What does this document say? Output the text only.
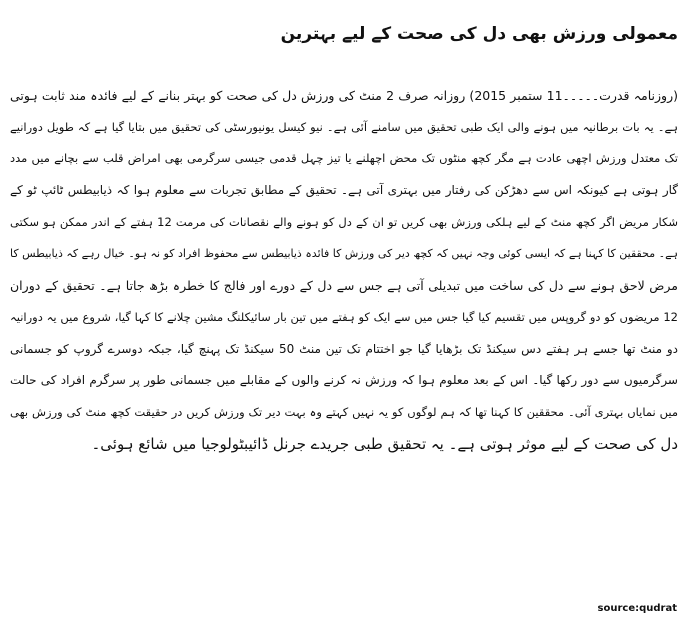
معمولی ورزش بھی دل کی صحت کے لیے بہترین
(روزنامہ قدرت۔۔۔۔۔11 ستمبر 2015) روزانہ صرف 2 منٹ کی ورزش دل کی صحت کو بہتر بنانے کے لیے فائدہ مند ثابت ہوتی
ہے۔ یہ بات برطانیہ میں ہونے والی ایک طبی تحقیق میں سامنے آئی ہے۔ نیو کیسل یونیورسٹی کی تحقیق میں بتایا گیا ہے کہ طویل دورانیے
تک معتدل ورزش اچھی عادت ہے مگر کچھ منٹوں تک محض اچھلنے یا تیز چہل قدمی جیسی سرگرمی بھی امراض قلب سے بچانے میں مدد
گار ہوتی ہے کیونکہ اس سے دھڑکن کی رفتار میں بہتری آتی ہے۔ تحقیق کے مطابق تجربات سے معلوم ہوا کہ ذیابیطس ٹائپ ٹو کے
شکار مریض اگر کچھ منٹ کے لیے ہلکی ورزش بھی کریں تو ان کے دل کو ہونے والے نقصانات کی مرمت 12 ہفتے کے اندر ممکن ہو سکتی
ہے۔ محققین کا کہنا ہے کہ ایسی کوئی وجہ نہیں کہ کچھ دیر کی ورزش کا فائدہ ذیابیطس سے محفوظ افراد کو نہ ہو۔ خیال رہے کہ ذیابیطس کا
مرض لاحق ہونے سے دل کی ساخت میں تبدیلی آتی ہے جس سے دل کے دورے اور فالج کا خطرہ بڑھ جاتا ہے۔ تحقیق کے دوران
12 مریضوں کو دو گروپس میں تقسیم کیا گیا جس میں سے ایک کو ہفتے میں تین بار سائیکلنگ مشین چلانے کا کہا گیا، شروع میں یہ دورانیہ
دو منٹ تھا جسے ہر ہفتے دس سیکنڈ تک بڑھایا گیا جو اختتام تک تین منٹ 50 سیکنڈ تک پہنچ گیا، جبکہ دوسرے گروپ کو جسمانی
سرگرمیوں سے دور رکھا گیا۔ اس کے بعد معلوم ہوا کہ ورزش نہ کرنے والوں کے مقابلے میں جسمانی طور پر سرگرم افراد کی حالت
میں نمایاں بہتری آئی۔ محققین کا کہنا تھا کہ ہم لوگوں کو یہ نہیں کہتے وہ بہت دیر تک ورزش کریں در حقیقت کچھ منٹ کی ورزش بھی
دل کی صحت کے لیے موثر ہوتی ہے۔ یہ تحقیق طبی جریدے جرنل ڈائیبٹولوجیا میں شائع ہوئی۔
source:qudrat
